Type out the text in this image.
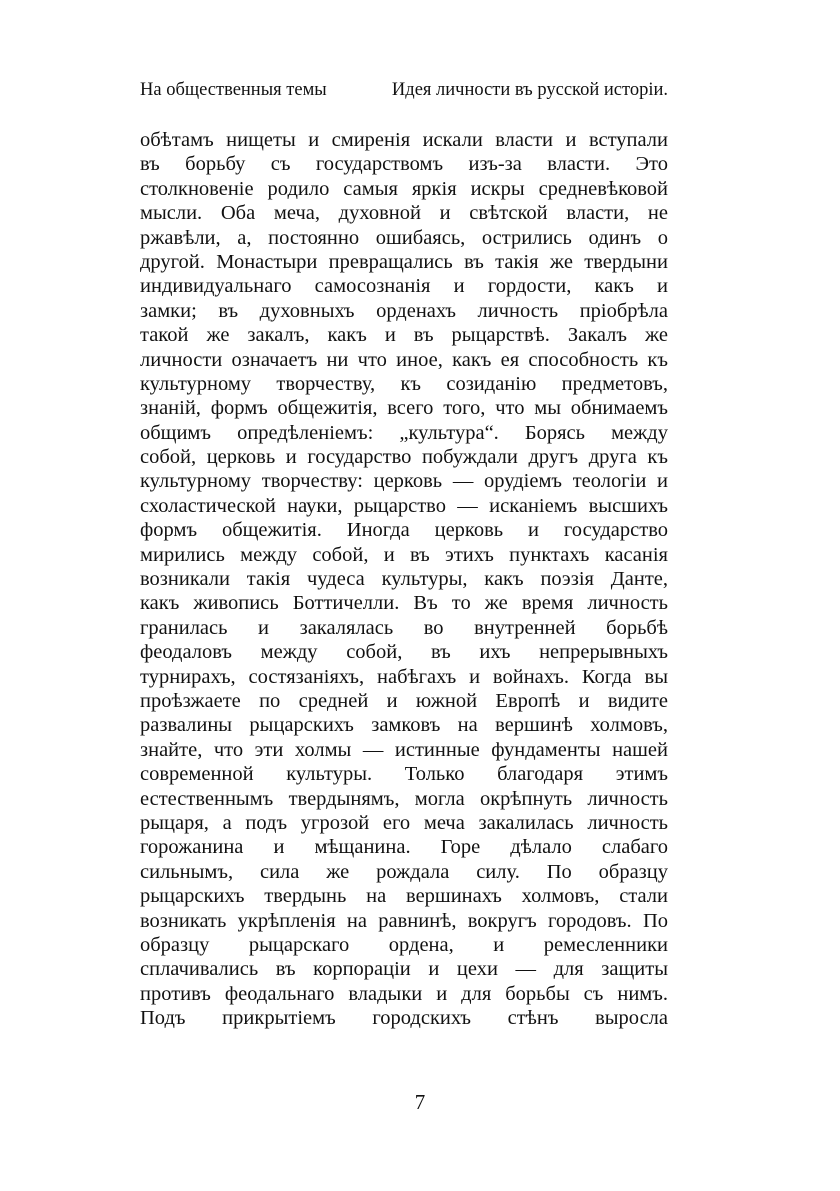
На общественныя темы	Идея личности въ русской исторіи.
обѣтамъ нищеты и смиренія искали власти и вступали
въ борьбу съ государствомъ изъ-за власти. Это
столкновеніе родило самыя яркія искры средневѣковой
мысли. Оба меча, духовной и свѣтской власти, не
ржавѣли, а, постоянно ошибаясь, острились одинъ о
другой. Монастыри превращались въ такія же твердыни
индивидуальнаго самосознанія и гордости, какъ и
замки; въ духовныхъ орденахъ личность пріобрѣла
такой же закалъ, какъ и въ рыцарствѣ. Закалъ же
личности означаетъ ни что иное, какъ ея способность къ
культурному творчеству, къ созиданію предметовъ,
знаній, формъ общежитія, всего того, что мы обнимаемъ
общимъ опредѣленіемъ: „культура“. Борясь между
собой, церковь и государство побуждали другъ друга къ
культурному творчеству: церковь — орудіемъ теологіи и
схоластической науки, рыцарство — исканіемъ высшихъ
формъ общежитія. Иногда церковь и государство
мирились между собой, и въ этихъ пунктахъ касанія
возникали такія чудеса культуры, какъ поэзія Данте,
какъ живопись Боттичелли. Въ то же время личность
гранилась и закалялась во внутренней борьбѣ
феодаловъ между собой, въ ихъ непрерывныхъ
турнирахъ, состязаніяхъ, набѣгахъ и войнахъ. Когда вы
проѣзжаете по средней и южной Европѣ и видите
развалины рыцарскихъ замковъ на вершинѣ холмовъ,
знайте, что эти холмы — истинные фундаменты нашей
современной культуры. Только благодаря этимъ
естественнымъ твердынямъ, могла окрѣпнуть личность
рыцаря, а подъ угрозой его меча закалилась личность
горожанина и мѣщанина. Горе дѣлало слабаго
сильнымъ, сила же рождала силу. По образцу
рыцарскихъ твердынь на вершинахъ холмовъ, стали
возникать укрѣпленія на равнинѣ, вокругъ городовъ. По
образцу рыцарскаго ордена, и ремесленники
сплачивались въ корпораціи и цехи — для защиты
противъ феодальнаго владыки и для борьбы съ нимъ.
Подъ прикрытіемъ городскихъ стѣнъ выросла
7
